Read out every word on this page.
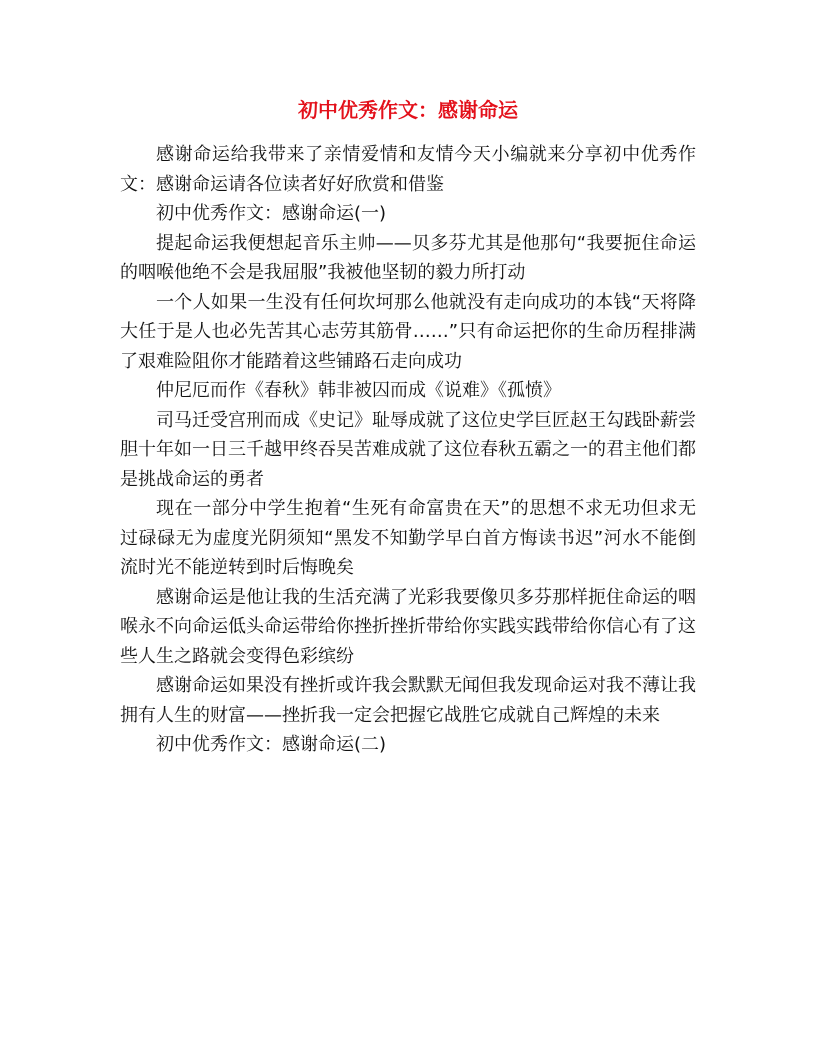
初中优秀作文：感谢命运

感谢命运给我带来了亲情爱情和友情今天小编就来分享初中优秀作文：感谢命运请各位读者好好欣赏和借鉴

初中优秀作文：感谢命运(一)

提起命运我便想起音乐主帅——贝多芬尤其是他那句“我要扼住命运的咽喉他绝不会是我屈服”我被他坚韧的毅力所打动

一个人如果一生没有任何坎坷那么他就没有走向成功的本钱“天将降大任于是人也必先苦其心志劳其筋骨……”只有命运把你的生命历程排满了艰难险阻你才能踏着这些铺路石走向成功

仲尼厄而作《春秋》韩非被囚而成《说难》《孤愤》

司马迁受宫刑而成《史记》耻辱成就了这位史学巨匠赵王勾践卧薪尝胆十年如一日三千越甲终吞吴苦难成就了这位春秋五霸之一的君主他们都是挑战命运的勇者

现在一部分中学生抱着“生死有命富贵在天”的思想不求无功但求无过碌碌无为虚度光阴须知“黑发不知勤学早白首方悔读书迟”河水不能倒流时光不能逆转到时后悔晚矣

感谢命运是他让我的生活充满了光彩我要像贝多芬那样扼住命运的咽喉永不向命运低头命运带给你挫折挫折带给你实践实践带给你信心有了这些人生之路就会变得色彩缤纷

感谢命运如果没有挫折或许我会默默无闻但我发现命运对我不薄让我拥有人生的财富——挫折我一定会把握它战胜它成就自己辉煌的未来

初中优秀作文：感谢命运(二)
